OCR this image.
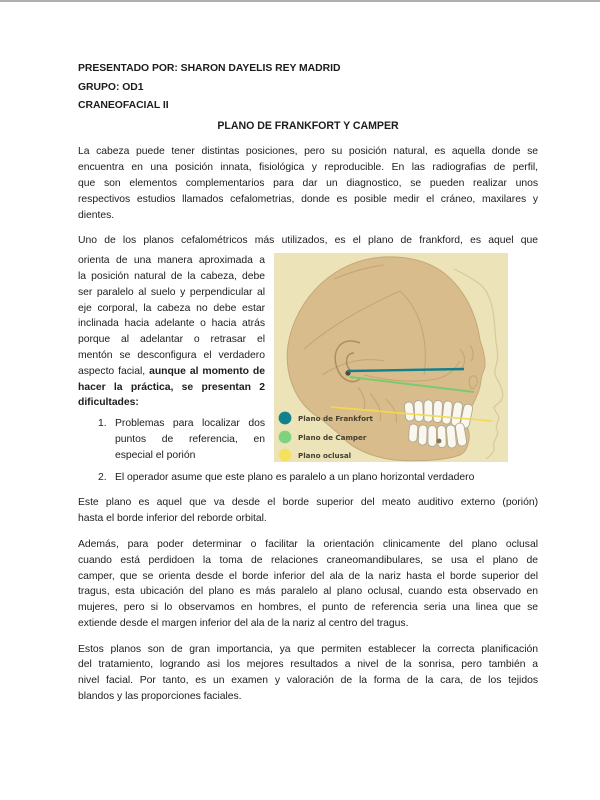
PRESENTADO POR: SHARON DAYELIS REY MADRID

GRUPO: OD1

CRANEOFACIAL II

PLANO DE FRANKFORT Y CAMPER
La cabeza puede tener distintas posiciones, pero su posición natural, es aquella donde se
encuentra en una posición innata, fisiológica y reproducible. En las radiografias de perfil,
que son elementos complementarios para dar un diagnostico, se pueden realizar unos
respectivos estudios llamados cefalometrias, donde es posible medir el cráneo, maxilares y
dientes.
Uno de los planos cefalométricos más utilizados, es el plano de frankford, es aquel que
orienta de una manera aproximada a
la posición natural de la cabeza, debe
ser paralelo al suelo y perpendicular al
eje corporal, la cabeza no debe estar
inclinada hacia adelante o hacia atrás
porque al adelantar o retrasar el
mentón se desconfigura el verdadero
aspecto facial, aunque al momento de
hacer la práctica, se presentan 2
dificultades:
1. Problemas para localizar dos
puntos de referencia, en
especial el porión
Plano de Frankfort
Plano de Camper
Plano oclusal
2. El operador asume que este plano es paralelo a un plano horizontal verdadero
Este plano es aquel que va desde el borde superior del meato auditivo externo (porión)
hasta el borde inferior del reborde orbital.
Además, para poder determinar o facilitar la orientación clinicamente del plano oclusal
cuando está perdidoen la toma de relaciones craneomandibulares, se usa el plano de
camper, que se orienta desde el borde inferior del ala de la nariz hasta el borde superior del
tragus, esta ubicación del plano es más paralelo al plano oclusal, cuando esta observado en
mujeres, pero si lo observamos en hombres, el punto de referencia seria una linea que se
extiende desde el margen inferior del ala de la nariz al centro del tragus.
Estos planos son de gran importancia, ya que permiten establecer la correcta planificación
del tratamiento, logrando asi los mejores resultados a nivel de la sonrisa, pero también a
nivel facial. Por tanto, es un examen y valoración de la forma de la cara, de los tejidos
blandos y las proporciones faciales.
